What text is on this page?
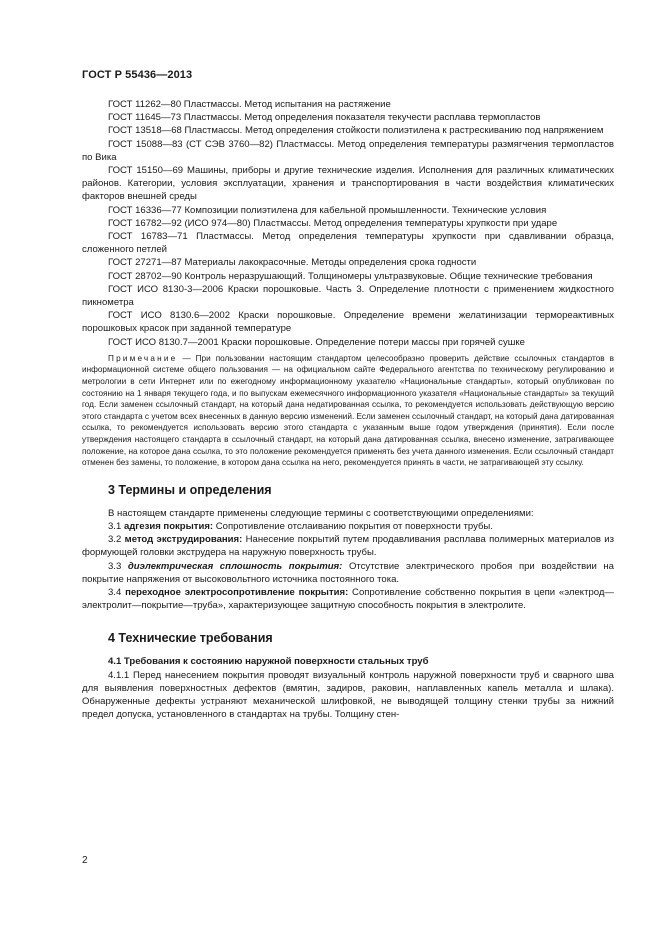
ГОСТ Р 55436—2013

ГОСТ 11262—80 Пластмассы. Метод испытания на растяжение

ГОСТ 11645—73 Пластмассы. Метод определения показателя текучести расплава термопластов

ГОСТ 13518—68 Пластмассы. Метод определения стойкости полиэтилена к растрескиванию под напряжением

ГОСТ 15088—83 (СТ СЭВ 3760—82) Пластмассы. Метод определения температуры размягчения термопластов по Вика

ГОСТ 15150—69 Машины, приборы и другие технические изделия. Исполнения для различных климатических районов. Категории, условия эксплуатации, хранения и транспортирования в части воздействия климатических факторов внешней среды

ГОСТ 16336—77 Композиции полиэтилена для кабельной промышленности. Технические условия

ГОСТ 16782—92 (ИСО 974—80) Пластмассы. Метод определения температуры хрупкости при ударе

ГОСТ 16783—71 Пластмассы. Метод определения температуры хрупкости при сдавливании образца, сложенного петлей

ГОСТ 27271—87 Материалы лакокрасочные. Методы определения срока годности

ГОСТ 28702—90 Контроль неразрушающий. Толщиномеры ультразвуковые. Общие технические требования

ГОСТ ИСО 8130-3—2006 Краски порошковые. Часть 3. Определение плотности с применением жидкостного пикнометра

ГОСТ ИСО 8130.6—2002 Краски порошковые. Определение времени желатинизации термореактивных порошковых красок при заданной температуре

ГОСТ ИСО 8130.7—2001 Краски порошковые. Определение потери массы при горячей сушке

Примечание — При пользовании настоящим стандартом целесообразно проверить действие ссылочных стандартов в информационной системе общего пользования — на официальном сайте Федерального агентства по техническому регулированию и метрологии в сети Интернет или по ежегодному информационному указателю «Национальные стандарты», который опубликован по состоянию на 1 января текущего года, и по выпускам ежемесячного информационного указателя «Национальные стандарты» за текущий год. Если заменен ссылочный стандарт, на который дана недатированная ссылка, то рекомендуется использовать действующую версию этого стандарта с учетом всех внесенных в данную версию изменений. Если заменен ссылочный стандарт, на который дана датированная ссылка, то рекомендуется использовать версию этого стандарта с указанным выше годом утверждения (принятия). Если после утверждения настоящего стандарта в ссылочный стандарт, на который дана датированная ссылка, внесено изменение, затрагивающее положение, на которое дана ссылка, то это положение рекомендуется применять без учета данного изменения. Если ссылочный стандарт отменен без замены, то положение, в котором дана ссылка на него, рекомендуется принять в части, не затрагивающей эту ссылку.

3 Термины и определения

В настоящем стандарте применены следующие термины с соответствующими определениями:

3.1 адгезия покрытия: Сопротивление отслаиванию покрытия от поверхности трубы.

3.2 метод экструдирования: Нанесение покрытий путем продавливания расплава полимерных материалов из формующей головки экструдера на наружную поверхность трубы.

3.3 диэлектрическая сплошность покрытия: Отсутствие электрического пробоя при воздействии на покрытие напряжения от высоковольтного источника постоянного тока.

3.4 переходное электросопротивление покрытия: Сопротивление собственно покрытия в цепи «электрод—электролит—покрытие—труба», характеризующее защитную способность покрытия в электролите.

4 Технические требования

4.1 Требования к состоянию наружной поверхности стальных труб

4.1.1 Перед нанесением покрытия проводят визуальный контроль наружной поверхности труб и сварного шва для выявления поверхностных дефектов (вмятин, задиров, раковин, наплавленных капель металла и шлака). Обнаруженные дефекты устраняют механической шлифовкой, не выводящей толщину стенки трубы за нижний предел допуска, установленного в стандартах на трубы. Толщину стен-

2
